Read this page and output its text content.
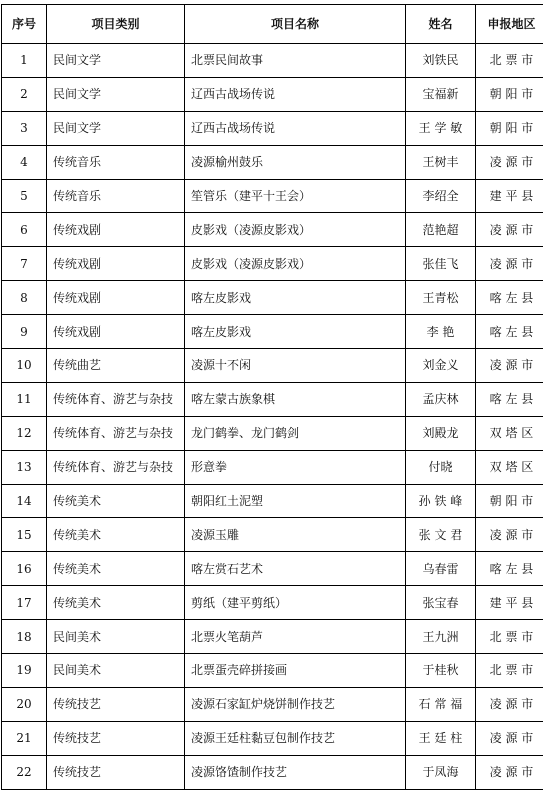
序号	项目类别	项目名称	姓名	申报地区
1	民间文学	北票民间故事	刘铁民	北 票 市
2	民间文学	辽西古战场传说	宝福新	朝 阳 市
3	民间文学	辽西古战场传说	王 学 敏	朝 阳 市
4	传统音乐	凌源榆州鼓乐	王树丰	凌 源 市
5	传统音乐	笙管乐（建平十王会）	李绍全	建 平 县
6	传统戏剧	皮影戏（凌源皮影戏）	范艳超	凌 源 市
7	传统戏剧	皮影戏（凌源皮影戏）	张佳飞	凌 源 市
8	传统戏剧	喀左皮影戏	王青松	喀 左 县
9	传统戏剧	喀左皮影戏	李 艳	喀 左 县
10	传统曲艺	凌源十不闲	刘金义	凌 源 市
11	传统体育、游艺与杂技	喀左蒙古族象棋	孟庆林	喀 左 县
12	传统体育、游艺与杂技	龙门鹤拳、龙门鹤剑	刘殿龙	双 塔 区
13	传统体育、游艺与杂技	形意拳	付晓	双 塔 区
14	传统美术	朝阳红土泥塑	孙 铁 峰	朝 阳 市
15	传统美术	凌源玉雕	张 文 君	凌 源 市
16	传统美术	喀左赏石艺术	乌春雷	喀 左 县
17	传统美术	剪纸（建平剪纸）	张宝春	建 平 县
18	民间美术	北票火笔葫芦	王九洲	北 票 市
19	民间美术	北票蛋壳碎拼接画	于桂秋	北 票 市
20	传统技艺	凌源石家缸炉烧饼制作技艺	石 常 福	凌 源 市
21	传统技艺	凌源王廷柱黏豆包制作技艺	王 廷 柱	凌 源 市
22	传统技艺	凌源饹馇制作技艺	于凤海	凌 源 市
